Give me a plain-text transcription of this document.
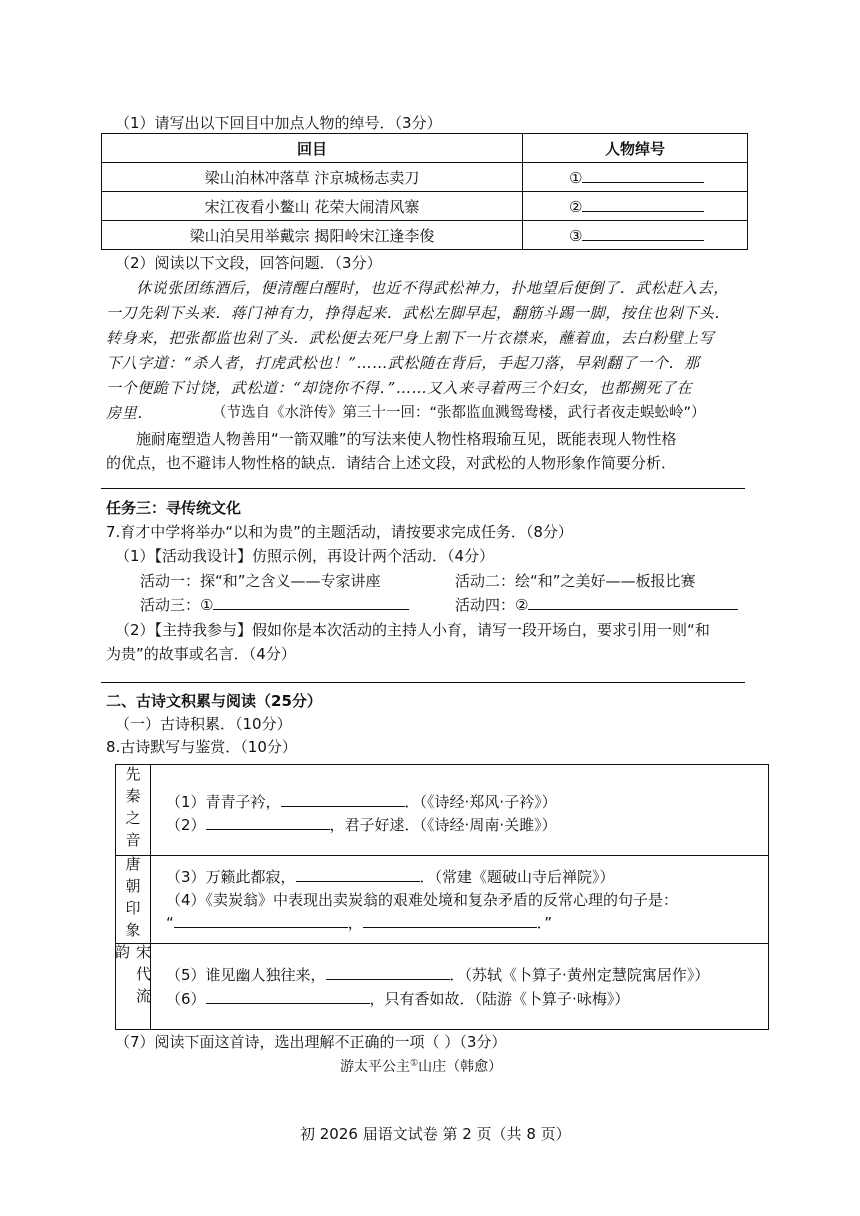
（1）请写出以下回目中加点人物的绰号．（3分）
回目	人物绰号
梁山泊林冲落草 汴京城杨志卖刀	①
宋江夜看小鳌山 花荣大闹清风寨	②
梁山泊吴用举戴宗 揭阳岭宋江逢李俊	③
（2）阅读以下文段，回答问题．（3分）
休说张团练酒后，便清醒白醒时，也近不得武松神力，扑地望后便倒了．武松赶入去，
一刀先剁下头来．蒋门神有力，挣得起来．武松左脚早起，翻筋斗踢一脚，按住也剁下头．
转身来，把张都监也剁了头．武松便去死尸身上割下一片衣襟来，蘸着血，去白粉壁上写
下八字道：“杀人者，打虎武松也！”……武松随在背后，手起刀落，早剁翻了一个．那
一个便跪下讨饶，武松道：“却饶你不得．”……又入来寻着两三个妇女，也都搠死了在
房里．	（节选自《水浒传》第三十一回：“张都监血溅鸳鸯楼，武行者夜走蜈蚣岭”）
施耐庵塑造人物善用“一箭双雕”的写法来使人物性格瑕瑜互见，既能表现人物性格
的优点，也不避讳人物性格的缺点．请结合上述文段，对武松的人物形象作简要分析．
任务三：寻传统文化
7.育才中学将举办“以和为贵”的主题活动，请按要求完成任务．（8分）
（1）【活动我设计】仿照示例，再设计两个活动．（4分）
活动一：探“和”之含义——专家讲座	活动二：绘“和”之美好——板报比赛
活动三：①	活动四：②
（2）【主持我参与】假如你是本次活动的主持人小育，请写一段开场白，要求引用一则“和
为贵”的故事或名言．（4分）
二、古诗文积累与阅读（25分）
（一）古诗积累．（10分）
8.古诗默写与鉴赏．（10分）
先秦之音 （1）青青子衿，	．（《诗经·郑风·子衿》）
（2）	，君子好逑．（《诗经·周南·关雎》）
唐朝印象 （3）万籁此都寂，	．（常建《题破山寺后禅院》）
（4）《卖炭翁》中表现出卖炭翁的艰难处境和复杂矛盾的反常心理的句子是：
“	，	．”
宋代流韵
（5）谁见幽人独往来，	．（苏轼《卜算子·黄州定慧院寓居作》）
（6）	，只有香如故．（陆游《卜算子·咏梅》）
（7）阅读下面这首诗，选出理解不正确的一项（ ）（3分）
游太平公主①山庄（韩愈）
初 2026 届语文试卷 第 2 页（共 8 页）
